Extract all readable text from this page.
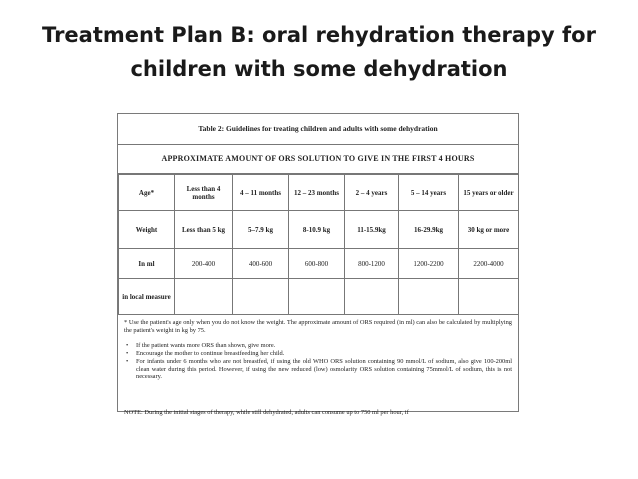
Treatment Plan B: oral rehydration therapy for
children with some dehydration
Table 2: Guidelines for treating children and adults with some dehydration
APPROXIMATE AMOUNT OF ORS SOLUTION TO GIVE IN THE FIRST 4 HOURS
Age*	Less than 4 months	4 – 11 months	12 – 23 months	2 – 4 years	5 – 14 years	15 years or older
Weight	Less than 5 kg	5–7.9 kg	8-10.9 kg	11-15.9kg	16-29.9kg	30 kg or more
In ml	200-400	400-600	600-800	800-1200	1200-2200	2200-4000
in local measure						
* Use the patient's age only when you do not know the weight. The approximate amount of ORS required (in ml) can also be calculated by multiplying the patient's weight in kg by 75.
• If the patient wants more ORS than shown, give more.
• Encourage the mother to continue breastfeeding her child.
• For infants under 6 months who are not breastfed, if using the old WHO ORS solution containing 90 mmol/L of sodium, also give 100-200ml clean water during this period. However, if using the new reduced (low) osmolarity ORS solution containing 75mmol/L of sodium, this is not necessary.
NOTE: During the initial stages of therapy, while still dehydrated, adults can consume up to 750 ml per hour, if
